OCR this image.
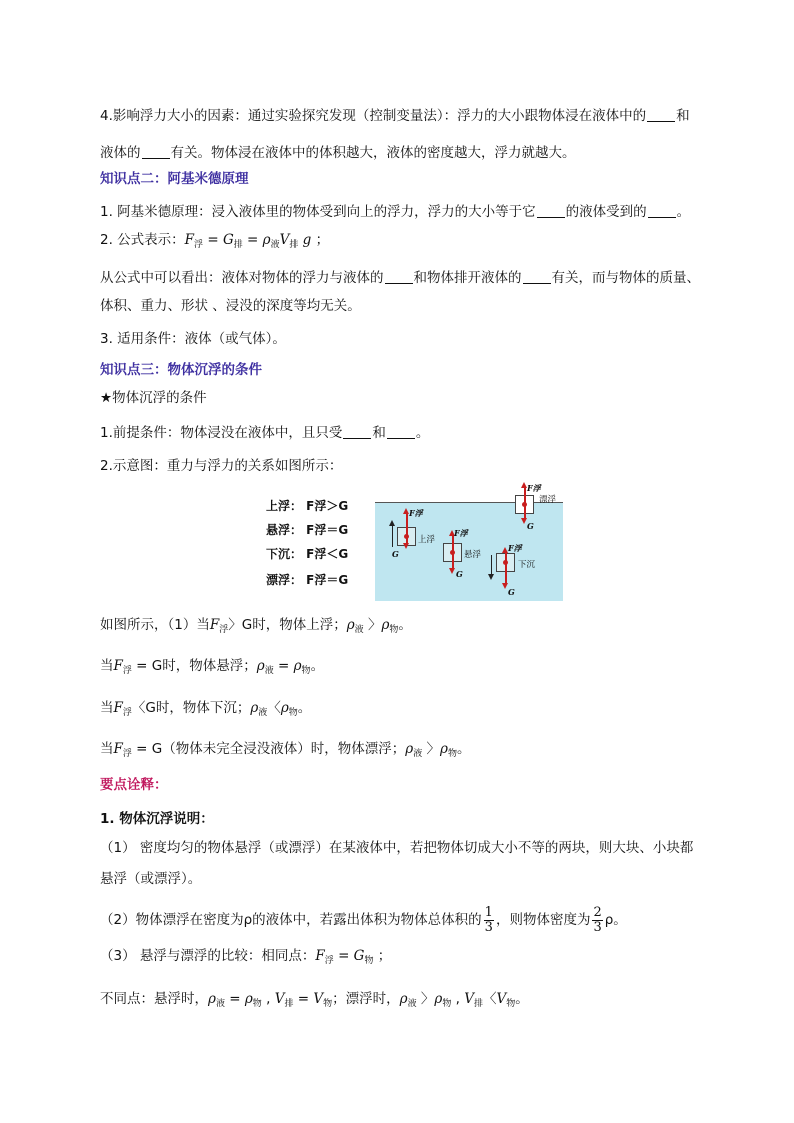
4.影响浮力大小的因素：通过实验探究发现（控制变量法）：浮力的大小跟物体浸在液体中的 和
液体的 有关。物体浸在液体中的体积越大，液体的密度越大，浮力就越大。
知识点二：阿基米德原理
1. 阿基米德原理：浸入液体里的物体受到向上的浮力，浮力的大小等于它 的液体受到的 。
2. 公式表示：$F_浮 = G_排 = \rho_液V_排$ g ；
从公式中可以看出：液体对物体的浮力与液体的 和物体排开液体的 有关，而与物体的质量、
体积、重力、形状 、浸没的深度等均无关。
3. 适用条件：液体（或气体）。
知识点三：物体沉浮的条件
★物体沉浮的条件
1.前提条件：物体浸没在液体中，且只受 和 。
2.示意图：重力与浮力的关系如图所示：
上浮： F浮＞G
悬浮： F浮＝G
下沉： F浮＜G
漂浮： F浮＝G
F浮
G
漂浮
F浮
G
上浮
F浮
G
悬浮
F浮
G
下沉
如图所示，（1）当$F_浮$〉G时，物体上浮；$\rho_液$ 〉$\rho_物$。
当$F_浮 = G$时，物体悬浮；$\rho_液 = \rho_物$。
当$F_浮$〈G时，物体下沉；$\rho_液$〈$\rho_物$。
当$F_浮 = G$（物体未完全浸没液体）时，物体漂浮；$\rho_液$ 〉$\rho_物$。
要点诠释：
1. 物体沉浮说明：
（1） 密度均匀的物体悬浮（或漂浮）在某液体中，若把物体切成大小不等的两块，则大块、小块都
悬浮（或漂浮）。
（2）物体漂浮在密度为ρ的液体中，若露出体积为物体总体积的 $\frac{1}{3}$ ，则物体密度为 $\frac{2}{3}$ ρ。
（3） 悬浮与漂浮的比较：相同点：$F_浮 = G_物$ ；
不同点：悬浮时，$\rho_液 = \rho_物$ , $V_排 = V_物$；漂浮时，$\rho_液$ 〉$\rho_物$ , $V_排$〈$V_物$。
